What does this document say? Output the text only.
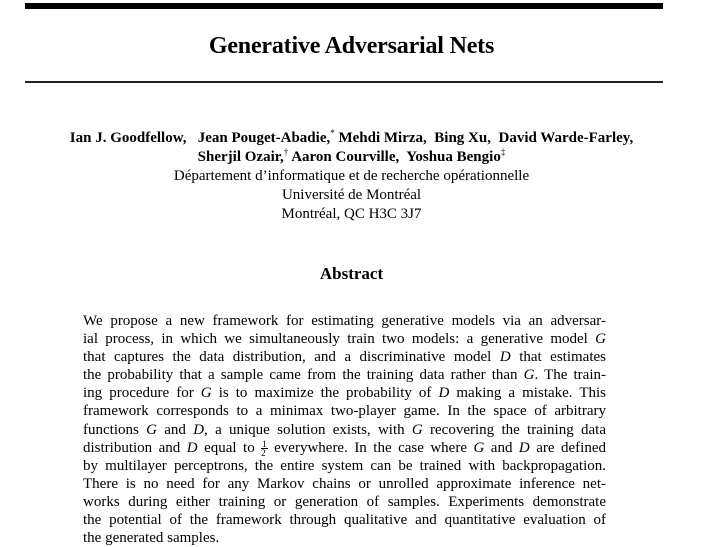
Generative Adversarial Nets
Ian J. Goodfellow,   Jean Pouget-Abadie,* Mehdi Mirza,  Bing Xu,  David Warde-Farley,
Sherjil Ozair,† Aaron Courville,  Yoshua Bengio‡
Département d’informatique et de recherche opérationnelle
Université de Montréal
Montréal, QC H3C 3J7
Abstract
We propose a new framework for estimating generative models via an adversar-
ial process, in which we simultaneously train two models: a generative model G
that captures the data distribution, and a discriminative model D that estimates
the probability that a sample came from the training data rather than G. The train-
ing procedure for G is to maximize the probability of D making a mistake. This
framework corresponds to a minimax two-player game. In the space of arbitrary
functions G and D, a unique solution exists, with G recovering the training data
distribution and D equal to $\frac{1}{2}$ everywhere. In the case where G and D are defined
by multilayer perceptrons, the entire system can be trained with backpropagation.
There is no need for any Markov chains or unrolled approximate inference net-
works during either training or generation of samples. Experiments demonstrate
the potential of the framework through qualitative and quantitative evaluation of
the generated samples.
